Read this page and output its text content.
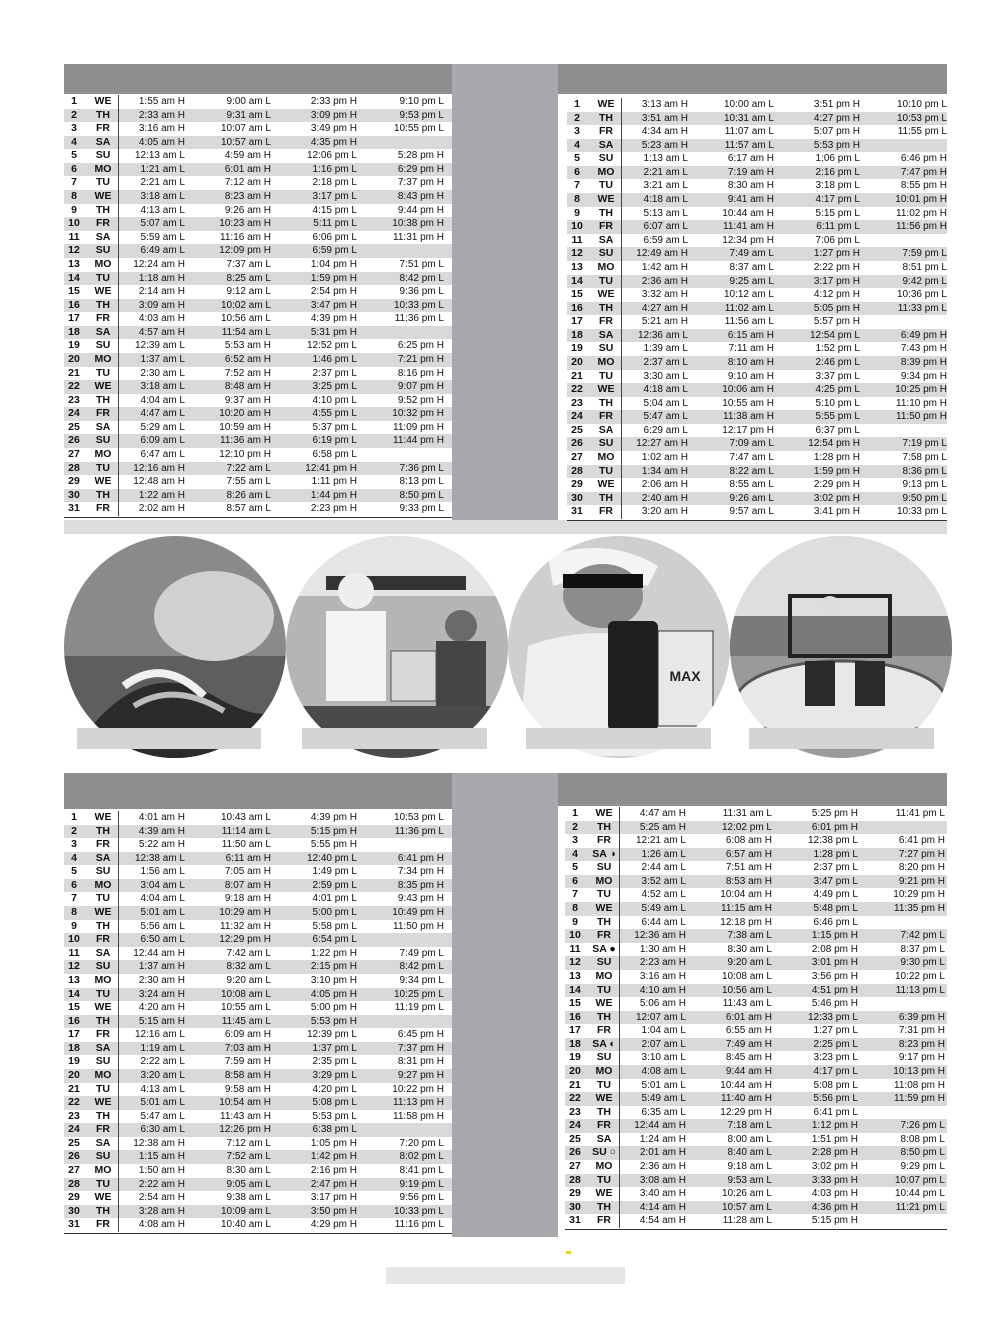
1	WE	1:55 am H	9:00 am L	2:33 pm H	9:10 pm L
2	TH	2:33 am H	9:31 am L	3:09 pm H	9:53 pm L
3	FR	3:16 am H	10:07 am L	3:49 pm H	10:55 pm L
4	SA	4:05 am H	10:57 am L	4:35 pm H
5	SU	12:13 am L	4:59 am H	12:06 pm L	5:28 pm H
6	MO	1:21 am L	6:01 am H	1:16 pm L	6:29 pm H
7	TU	2:21 am L	7:12 am H	2:18 pm L	7:37 pm H
8	WE	3:18 am L	8:23 am H	3:17 pm L	8:43 pm H
9	TH	4:13 am L	9:26 am H	4:15 pm L	9:44 pm H
10	FR	5:07 am L	10:23 am H	5:11 pm L	10:38 pm H
11	SA	5:59 am L	11:16 am H	6:06 pm L	11:31 pm H
12	SU	6:49 am L	12:09 pm H	6:59 pm L
13	MO	12:24 am H	7:37 am L	1:04 pm H	7:51 pm L
14	TU	1:18 am H	8:25 am L	1:59 pm H	8:42 pm L
15	WE	2:14 am H	9:12 am L	2:54 pm H	9:36 pm L
16	TH	3:09 am H	10:02 am L	3:47 pm H	10:33 pm L
17	FR	4:03 am H	10:56 am L	4:39 pm H	11:36 pm L
18	SA	4:57 am H	11:54 am L	5:31 pm H
19	SU	12:39 am L	5:53 am H	12:52 pm L	6:25 pm H
20	MO	1:37 am L	6:52 am H	1:46 pm L	7:21 pm H
21	TU	2:30 am L	7:52 am H	2:37 pm L	8:16 pm H
22	WE	3:18 am L	8:48 am H	3:25 pm L	9:07 pm H
23	TH	4:04 am L	9:37 am H	4:10 pm L	9:52 pm H
24	FR	4:47 am L	10:20 am H	4:55 pm L	10:32 pm H
25	SA	5:29 am L	10:59 am H	5:37 pm L	11:09 pm H
26	SU	6:09 am L	11:36 am H	6:19 pm L	11:44 pm H
27	MO	6:47 am L	12:10 pm H	6:58 pm L
28	TU	12:16 am H	7:22 am L	12:41 pm H	7:36 pm L
29	WE	12:48 am H	7:55 am L	1:11 pm H	8:13 pm L
30	TH	1:22 am H	8:26 am L	1:44 pm H	8:50 pm L
31	FR	2:02 am H	8:57 am L	2:23 pm H	9:33 pm L
1	WE	3:13 am H	10:00 am L	3:51 pm H	10:10 pm L
2	TH	3:51 am H	10:31 am L	4:27 pm H	10:53 pm L
3	FR	4:34 am H	11:07 am L	5:07 pm H	11:55 pm L
4	SA	5:23 am H	11:57 am L	5:53 pm H
5	SU	1:13 am L	6:17 am H	1:06 pm L	6:46 pm H
6	MO	2:21 am L	7:19 am H	2:16 pm L	7:47 pm H
7	TU	3:21 am L	8:30 am H	3:18 pm L	8:55 pm H
8	WE	4:18 am L	9:41 am H	4:17 pm L	10:01 pm H
9	TH	5:13 am L	10:44 am H	5:15 pm L	11:02 pm H
10	FR	6:07 am L	11:41 am H	6:11 pm L	11:56 pm H
11	SA	6:59 am L	12:34 pm H	7:06 pm L
12	SU	12:49 am H	7:49 am L	1:27 pm H	7:59 pm L
13	MO	1:42 am H	8:37 am L	2:22 pm H	8:51 pm L
14	TU	2:36 am H	9:25 am L	3:17 pm H	9:42 pm L
15	WE	3:32 am H	10:12 am L	4:12 pm H	10:36 pm L
16	TH	4:27 am H	11:02 am L	5:05 pm H	11:33 pm L
17	FR	5:21 am H	11:56 am L	5:57 pm H
18	SA	12:36 am L	6:15 am H	12:54 pm L	6:49 pm H
19	SU	1:39 am L	7:11 am H	1:52 pm L	7:43 pm H
20	MO	2:37 am L	8:10 am H	2:46 pm L	8:39 pm H
21	TU	3:30 am L	9:10 am H	3:37 pm L	9:34 pm H
22	WE	4:18 am L	10:06 am H	4:25 pm L	10:25 pm H
23	TH	5:04 am L	10:55 am H	5:10 pm L	11:10 pm H
24	FR	5:47 am L	11:38 am H	5:55 pm L	11:50 pm H
25	SA	6:29 am L	12:17 pm H	6:37 pm L
26	SU	12:27 am H	7:09 am L	12:54 pm H	7:19 pm L
27	MO	1:02 am H	7:47 am L	1:28 pm H	7:58 pm L
28	TU	1:34 am H	8:22 am L	1:59 pm H	8:36 pm L
29	WE	2:06 am H	8:55 am L	2:29 pm H	9:13 pm L
30	TH	2:40 am H	9:26 am L	3:02 pm H	9:50 pm L
31	FR	3:20 am H	9:57 am L	3:41 pm H	10:33 pm L
1	WE	4:01 am H	10:43 am L	4:39 pm H	10:53 pm L
2	TH	4:39 am H	11:14 am L	5:15 pm H	11:36 pm L
3	FR	5:22 am H	11:50 am L	5:55 pm H
4	SA	12:38 am L	6:11 am H	12:40 pm L	6:41 pm H
5	SU	1:56 am L	7:05 am H	1:49 pm L	7:34 pm H
6	MO	3:04 am L	8:07 am H	2:59 pm L	8:35 pm H
7	TU	4:04 am L	9:18 am H	4:01 pm L	9:43 pm H
8	WE	5:01 am L	10:29 am H	5:00 pm L	10:49 pm H
9	TH	5:56 am L	11:32 am H	5:58 pm L	11:50 pm H
10	FR	6:50 am L	12:29 pm H	6:54 pm L
11	SA	12:44 am H	7:42 am L	1:22 pm H	7:49 pm L
12	SU	1:37 am H	8:32 am L	2:15 pm H	8:42 pm L
13	MO	2:30 am H	9:20 am L	3:10 pm H	9:34 pm L
14	TU	3:24 am H	10:08 am L	4:05 pm H	10:25 pm L
15	WE	4:20 am H	10:55 am L	5:00 pm H	11:19 pm L
16	TH	5:15 am H	11:45 am L	5:53 pm H
17	FR	12:16 am L	6:09 am H	12:39 pm L	6:45 pm H
18	SA	1:19 am L	7:03 am H	1:37 pm L	7:37 pm H
19	SU	2:22 am L	7:59 am H	2:35 pm L	8:31 pm H
20	MO	3:20 am L	8:58 am H	3:29 pm L	9:27 pm H
21	TU	4:13 am L	9:58 am H	4:20 pm L	10:22 pm H
22	WE	5:01 am L	10:54 am H	5:08 pm L	11:13 pm H
23	TH	5:47 am L	11:43 am H	5:53 pm L	11:58 pm H
24	FR	6:30 am L	12:26 pm H	6:38 pm L
25	SA	12:38 am H	7:12 am L	1:05 pm H	7:20 pm L
26	SU	1:15 am H	7:52 am L	1:42 pm H	8:02 pm L
27	MO	1:50 am H	8:30 am L	2:16 pm H	8:41 pm L
28	TU	2:22 am H	9:05 am L	2:47 pm H	9:19 pm L
29	WE	2:54 am H	9:38 am L	3:17 pm H	9:56 pm L
30	TH	3:28 am H	10:09 am L	3:50 pm H	10:33 pm L
31	FR	4:08 am H	10:40 am L	4:29 pm H	11:16 pm L
1	WE	4:47 am H	11:31 am L	5:25 pm H	11:41 pm L
2	TH	5:25 am H	12:02 pm L	6:01 pm H
3	FR	12:21 am L	6:08 am H	12:38 pm L	6:41 pm H
4	SA ◑	1:26 am L	6:57 am H	1:28 pm L	7:27 pm H
5	SU	2:44 am L	7:51 am H	2:37 pm L	8:20 pm H
6	MO	3:52 am L	8:53 am H	3:47 pm L	9:21 pm H
7	TU	4:52 am L	10:04 am H	4:49 pm L	10:29 pm H
8	WE	5:49 am L	11:15 am H	5:48 pm L	11:35 pm H
9	TH	6:44 am L	12:18 pm H	6:46 pm L
10	FR	12:36 am H	7:38 am L	1:15 pm H	7:42 pm L
11	SA ●	1:30 am H	8:30 am L	2:08 pm H	8:37 pm L
12	SU	2:23 am H	9:20 am L	3:01 pm H	9:30 pm L
13	MO	3:16 am H	10:08 am L	3:56 pm H	10:22 pm L
14	TU	4:10 am H	10:56 am L	4:51 pm H	11:13 pm L
15	WE	5:06 am H	11:43 am L	5:46 pm H
16	TH	12:07 am L	6:01 am H	12:33 pm L	6:39 pm H
17	FR	1:04 am L	6:55 am H	1:27 pm L	7:31 pm H
18	SA ◐	2:07 am L	7:49 am H	2:25 pm L	8:23 pm H
19	SU	3:10 am L	8:45 am H	3:23 pm L	9:17 pm H
20	MO	4:08 am L	9:44 am H	4:17 pm L	10:13 pm H
21	TU	5:01 am L	10:44 am H	5:08 pm L	11:08 pm H
22	WE	5:49 am L	11:40 am H	5:56 pm L	11:59 pm H
23	TH	6:35 am L	12:29 pm H	6:41 pm L
24	FR	12:44 am H	7:18 am L	1:12 pm H	7:26 pm L
25	SA	1:24 am H	8:00 am L	1:51 pm H	8:08 pm L
26	SU ○	2:01 am H	8:40 am L	2:28 pm H	8:50 pm L
27	MO	2:36 am H	9:18 am L	3:02 pm H	9:29 pm L
28	TU	3:08 am H	9:53 am L	3:33 pm H	10:07 pm L
29	WE	3:40 am H	10:26 am L	4:03 pm H	10:44 pm L
30	TH	4:14 am H	10:57 am L	4:36 pm H	11:21 pm L
31	FR	4:54 am H	11:28 am L	5:15 pm H
MAX
